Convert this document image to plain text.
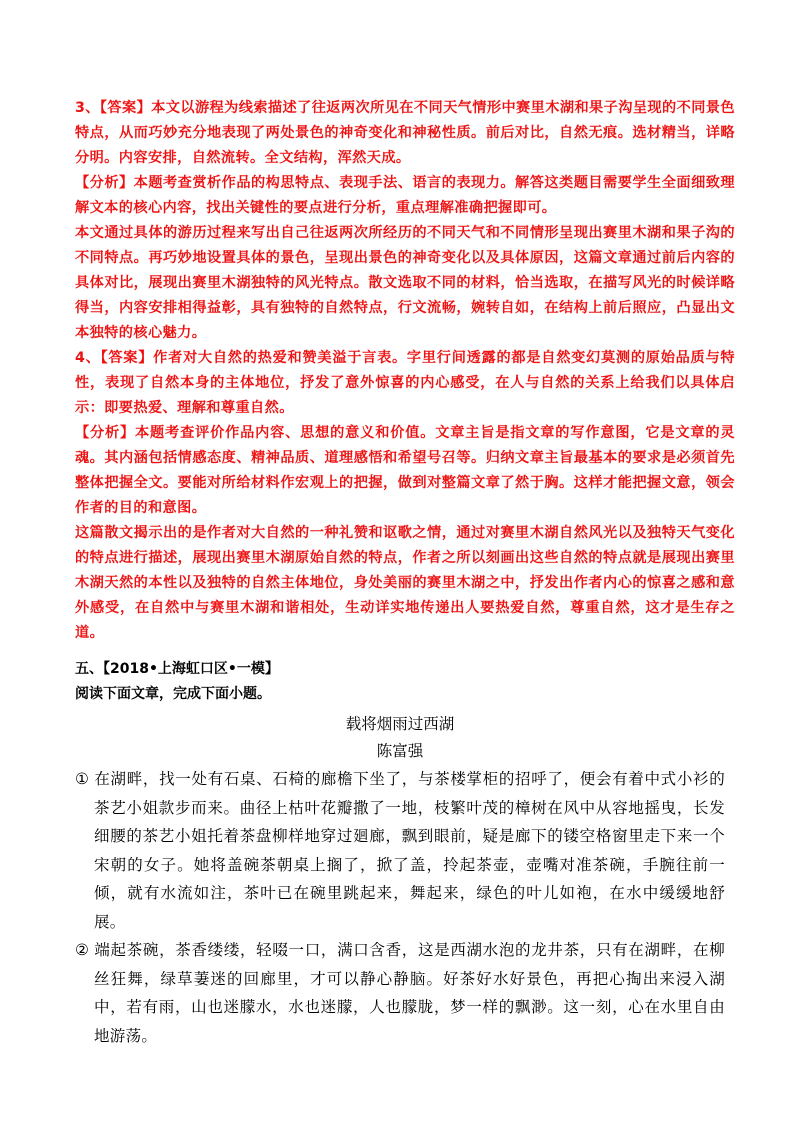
3、【答案】本文以游程为线索描述了往返两次所见在不同天气情形中赛里木湖和果子沟呈现的不同景色特点，从而巧妙充分地表现了两处景色的神奇变化和神秘性质。前后对比，自然无痕。选材精当，详略分明。内容安排，自然流转。全文结构，浑然天成。

【分析】本题考查赏析作品的构思特点、表现手法、语言的表现力。解答这类题目需要学生全面细致理解文本的核心内容，找出关键性的要点进行分析，重点理解准确把握即可。

本文通过具体的游历过程来写出自己往返两次所经历的不同天气和不同情形呈现出赛里木湖和果子沟的不同特点。再巧妙地设置具体的景色，呈现出景色的神奇变化以及具体原因，这篇文章通过前后内容的具体对比，展现出赛里木湖独特的风光特点。散文选取不同的材料，恰当选取，在描写风光的时候详略得当，内容安排相得益彰，具有独特的自然特点，行文流畅，婉转自如，在结构上前后照应，凸显出文本独特的核心魅力。

4、【答案】作者对大自然的热爱和赞美溢于言表。字里行间透露的都是自然变幻莫测的原始品质与特性，表现了自然本身的主体地位，抒发了意外惊喜的内心感受，在人与自然的关系上给我们以具体启示：即要热爱、理解和尊重自然。

【分析】本题考查评价作品内容、思想的意义和价值。文章主旨是指文章的写作意图，它是文章的灵魂。其内涵包括情感态度、精神品质、道理感悟和希望号召等。归纳文章主旨最基本的要求是必须首先整体把握全文。要能对所给材料作宏观上的把握，做到对整篇文章了然于胸。这样才能把握文意，领会作者的目的和意图。

这篇散文揭示出的是作者对大自然的一种礼赞和讴歌之情，通过对赛里木湖自然风光以及独特天气变化的特点进行描述，展现出赛里木湖原始自然的特点，作者之所以刻画出这些自然的特点就是展现出赛里木湖天然的本性以及独特的自然主体地位，身处美丽的赛里木湖之中，抒发出作者内心的惊喜之感和意外感受，在自然中与赛里木湖和谐相处，生动详实地传递出人要热爱自然，尊重自然，这才是生存之道。

五、【2018•上海虹口区•一模】

阅读下面文章，完成下面小题。

载将烟雨过西湖
陈富强

① 在湖畔，找一处有石桌、石椅的廊檐下坐了，与茶楼掌柜的招呼了，便会有着中式小衫的茶艺小姐款步而来。曲径上枯叶花瓣撒了一地，枝繁叶茂的樟树在风中从容地摇曳，长发细腰的茶艺小姐托着茶盘柳样地穿过廻廊，飘到眼前，疑是廊下的镂空格窗里走下来一个宋朝的女子。她将盖碗茶朝桌上搁了，掀了盖，拎起茶壶，壶嘴对准茶碗，手腕往前一倾，就有水流如注，茶叶已在碗里跳起来，舞起来，绿色的叶儿如袍，在水中缓缓地舒展。

② 端起茶碗，茶香缕缕，轻啜一口，满口含香，这是西湖水泡的龙井茶，只有在湖畔，在柳丝狂舞，绿草萋迷的回廊里，才可以静心静脑。好茶好水好景色，再把心掏出来浸入湖中，若有雨，山也迷朦水，水也迷朦，人也朦胧，梦一样的飘渺。这一刻，心在水里自由地游荡。
